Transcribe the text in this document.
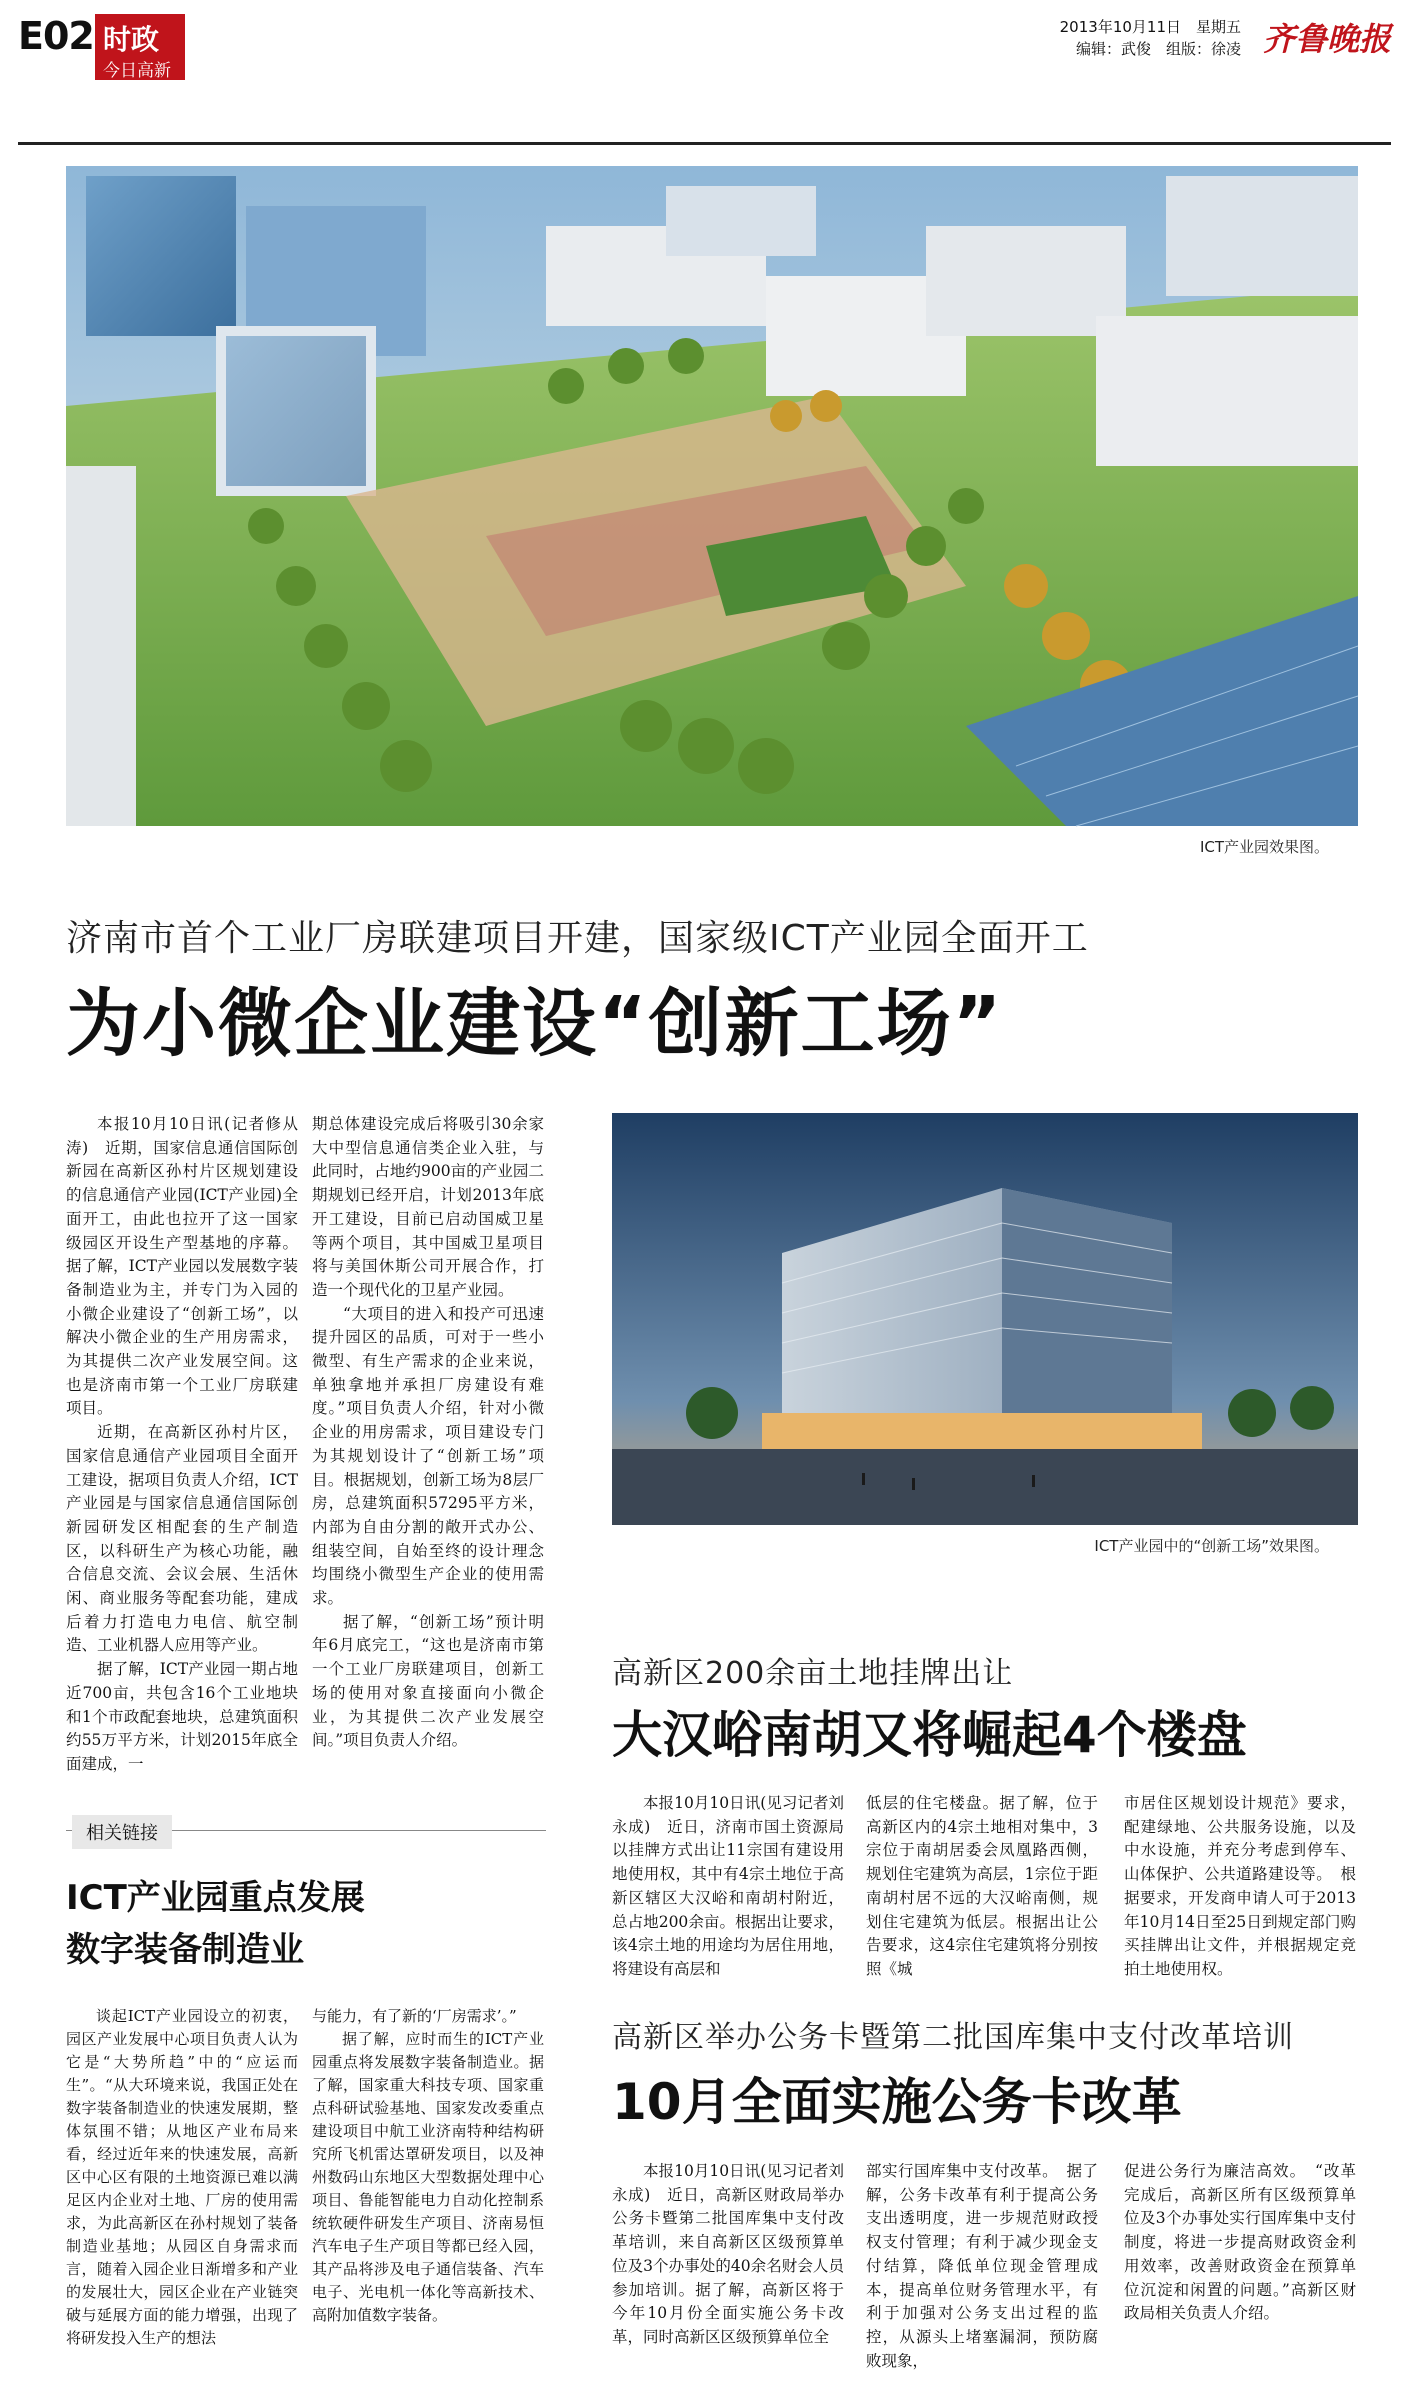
E02 时政
今日高新
2013年10月11日　星期五
编辑：武俊　组版：徐凌 齐鲁晚报
ICT产业园效果图。
济南市首个工业厂房联建项目开建，国家级ICT产业园全面开工
为小微企业建设“创新工场”

本报10月10日讯(记者修从涛)　近期，国家信息通信国际创新园在高新区孙村片区规划建设的信息通信产业园(ICT产业园)全面开工，由此也拉开了这一国家级园区开设生产型基地的序幕。据了解，ICT产业园以发展数字装备制造业为主，并专门为入园的小微企业建设了“创新工场”，以解决小微企业的生产用房需求，为其提供二次产业发展空间。这也是济南市第一个工业厂房联建项目。

近期，在高新区孙村片区，国家信息通信产业园项目全面开工建设，据项目负责人介绍，ICT产业园是与国家信息通信国际创新园研发区相配套的生产制造区，以科研生产为核心功能，融合信息交流、会议会展、生活休闲、商业服务等配套功能，建成后着力打造电力电信、航空制造、工业机器人应用等产业。

据了解，ICT产业园一期占地近700亩，共包含16个工业地块和1个市政配套地块，总建筑面积约55万平方米，计划2015年底全面建成，一

期总体建设完成后将吸引30余家大中型信息通信类企业入驻，与此同时，占地约900亩的产业园二期规划已经开启，计划2013年底开工建设，目前已启动国威卫星等两个项目，其中国威卫星项目将与美国休斯公司开展合作，打造一个现代化的卫星产业园。

“大项目的进入和投产可迅速提升园区的品质，可对于一些小微型、有生产需求的企业来说，单独拿地并承担厂房建设有难度。”项目负责人介绍，针对小微企业的用房需求，项目建设专门为其规划设计了“创新工场”项目。根据规划，创新工场为8层厂房，总建筑面积57295平方米，内部为自由分割的敞开式办公、组装空间，自始至终的设计理念均围绕小微型生产企业的使用需求。

据了解，“创新工场”预计明年6月底完工，“这也是济南市第一个工业厂房联建项目，创新工场的使用对象直接面向小微企业，为其提供二次产业发展空间。”项目负责人介绍。

ICT产业园中的“创新工场”效果图。
高新区200余亩土地挂牌出让
大汉峪南胡又将崛起4个楼盘

本报10月10日讯(见习记者刘永成)　近日，济南市国土资源局以挂牌方式出让11宗国有建设用地使用权，其中有4宗土地位于高新区辖区大汉峪和南胡村附近，总占地200余亩。根据出让要求，该4宗土地的用途均为居住用地，将建设有高层和

低层的住宅楼盘。据了解，位于高新区内的4宗土地相对集中，3宗位于南胡居委会凤凰路西侧，规划住宅建筑为高层，1宗位于距南胡村居不远的大汉峪南侧，规划住宅建筑为低层。根据出让公告要求，这4宗住宅建筑将分别按照《城

市居住区规划设计规范》要求，配建绿地、公共服务设施，以及中水设施，并充分考虑到停车、山体保护、公共道路建设等。　根据要求，开发商申请人可于2013年10月14日至25日到规定部门购买挂牌出让文件，并根据规定竞拍土地使用权。

高新区举办公务卡暨第二批国库集中支付改革培训
10月全面实施公务卡改革

本报10月10日讯(见习记者刘永成)　近日，高新区财政局举办公务卡暨第二批国库集中支付改革培训，来自高新区区级预算单位及3个办事处的40余名财会人员参加培训。据了解，高新区将于今年10月份全面实施公务卡改革，同时高新区区级预算单位全

部实行国库集中支付改革。　据了解，公务卡改革有利于提高公务支出透明度，进一步规范财政授权支付管理；有利于减少现金支付结算，降低单位现金管理成本，提高单位财务管理水平，有利于加强对公务支出过程的监控，从源头上堵塞漏洞，预防腐败现象，

促进公务行为廉洁高效。　“改革完成后，高新区所有区级预算单位及3个办事处实行国库集中支付制度，将进一步提高财政资金利用效率，改善财政资金在预算单位沉淀和闲置的问题。”高新区财政局相关负责人介绍。

相关链接
ICT产业园重点发展
数字装备制造业

谈起ICT产业园设立的初衷，园区产业发展中心项目负责人认为它是“大势所趋”中的“应运而生”。“从大环境来说，我国正处在数字装备制造业的快速发展期，整体氛围不错；从地区产业布局来看，经过近年来的快速发展，高新区中心区有限的土地资源已难以满足区内企业对土地、厂房的使用需求，为此高新区在孙村规划了装备制造业基地；从园区自身需求而言，随着入园企业日渐增多和产业的发展壮大，园区企业在产业链突破与延展方面的能力增强，出现了将研发投入生产的想法

与能力，有了新的‘厂房需求’。”

据了解，应时而生的ICT产业园重点将发展数字装备制造业。据了解，国家重大科技专项、国家重点科研试验基地、国家发改委重点建设项目中航工业济南特种结构研究所飞机雷达罩研发项目，以及神州数码山东地区大型数据处理中心项目、鲁能智能电力自动化控制系统软硬件研发生产项目、济南易恒汽车电子生产项目等都已经入园，其产品将涉及电子通信装备、汽车电子、光电机一体化等高新技术、高附加值数字装备。
